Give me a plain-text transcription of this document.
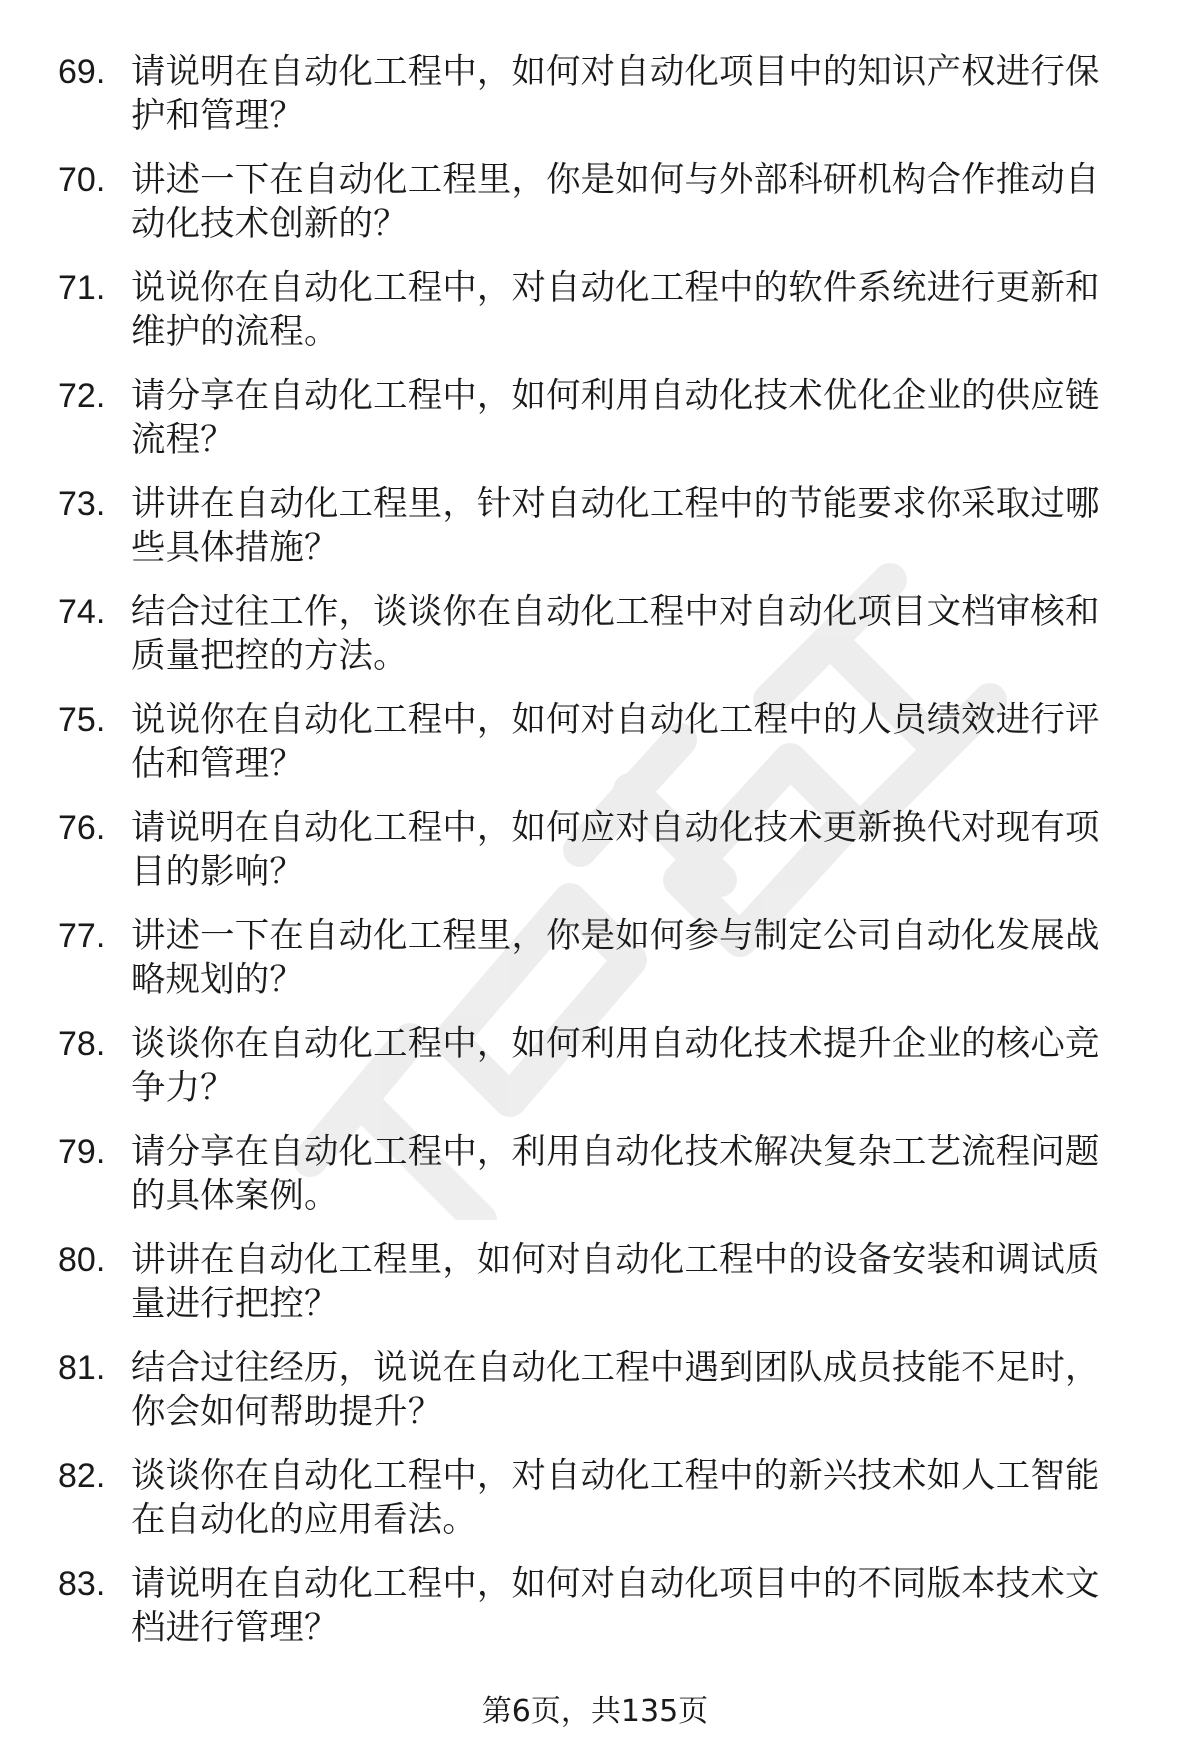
69. 请说明在自动化工程中，如何对自动化项目中的知识产权进行保
护和管理？
70. 讲述一下在自动化工程里，你是如何与外部科研机构合作推动自
动化技术创新的？
71. 说说你在自动化工程中，对自动化工程中的软件系统进行更新和
维护的流程。
72. 请分享在自动化工程中，如何利用自动化技术优化企业的供应链
流程？
73. 讲讲在自动化工程里，针对自动化工程中的节能要求你采取过哪
些具体措施？
74. 结合过往工作，谈谈你在自动化工程中对自动化项目文档审核和
质量把控的方法。
75. 说说你在自动化工程中，如何对自动化工程中的人员绩效进行评
估和管理？
76. 请说明在自动化工程中，如何应对自动化技术更新换代对现有项
目的影响？
77. 讲述一下在自动化工程里，你是如何参与制定公司自动化发展战
略规划的？
78. 谈谈你在自动化工程中，如何利用自动化技术提升企业的核心竞
争力？
79. 请分享在自动化工程中，利用自动化技术解决复杂工艺流程问题
的具体案例。
80. 讲讲在自动化工程里，如何对自动化工程中的设备安装和调试质
量进行把控？
81. 结合过往经历，说说在自动化工程中遇到团队成员技能不足时，
你会如何帮助提升？
82. 谈谈你在自动化工程中，对自动化工程中的新兴技术如人工智能
在自动化的应用看法。
83. 请说明在自动化工程中，如何对自动化项目中的不同版本技术文
档进行管理？
第6页，共135页
